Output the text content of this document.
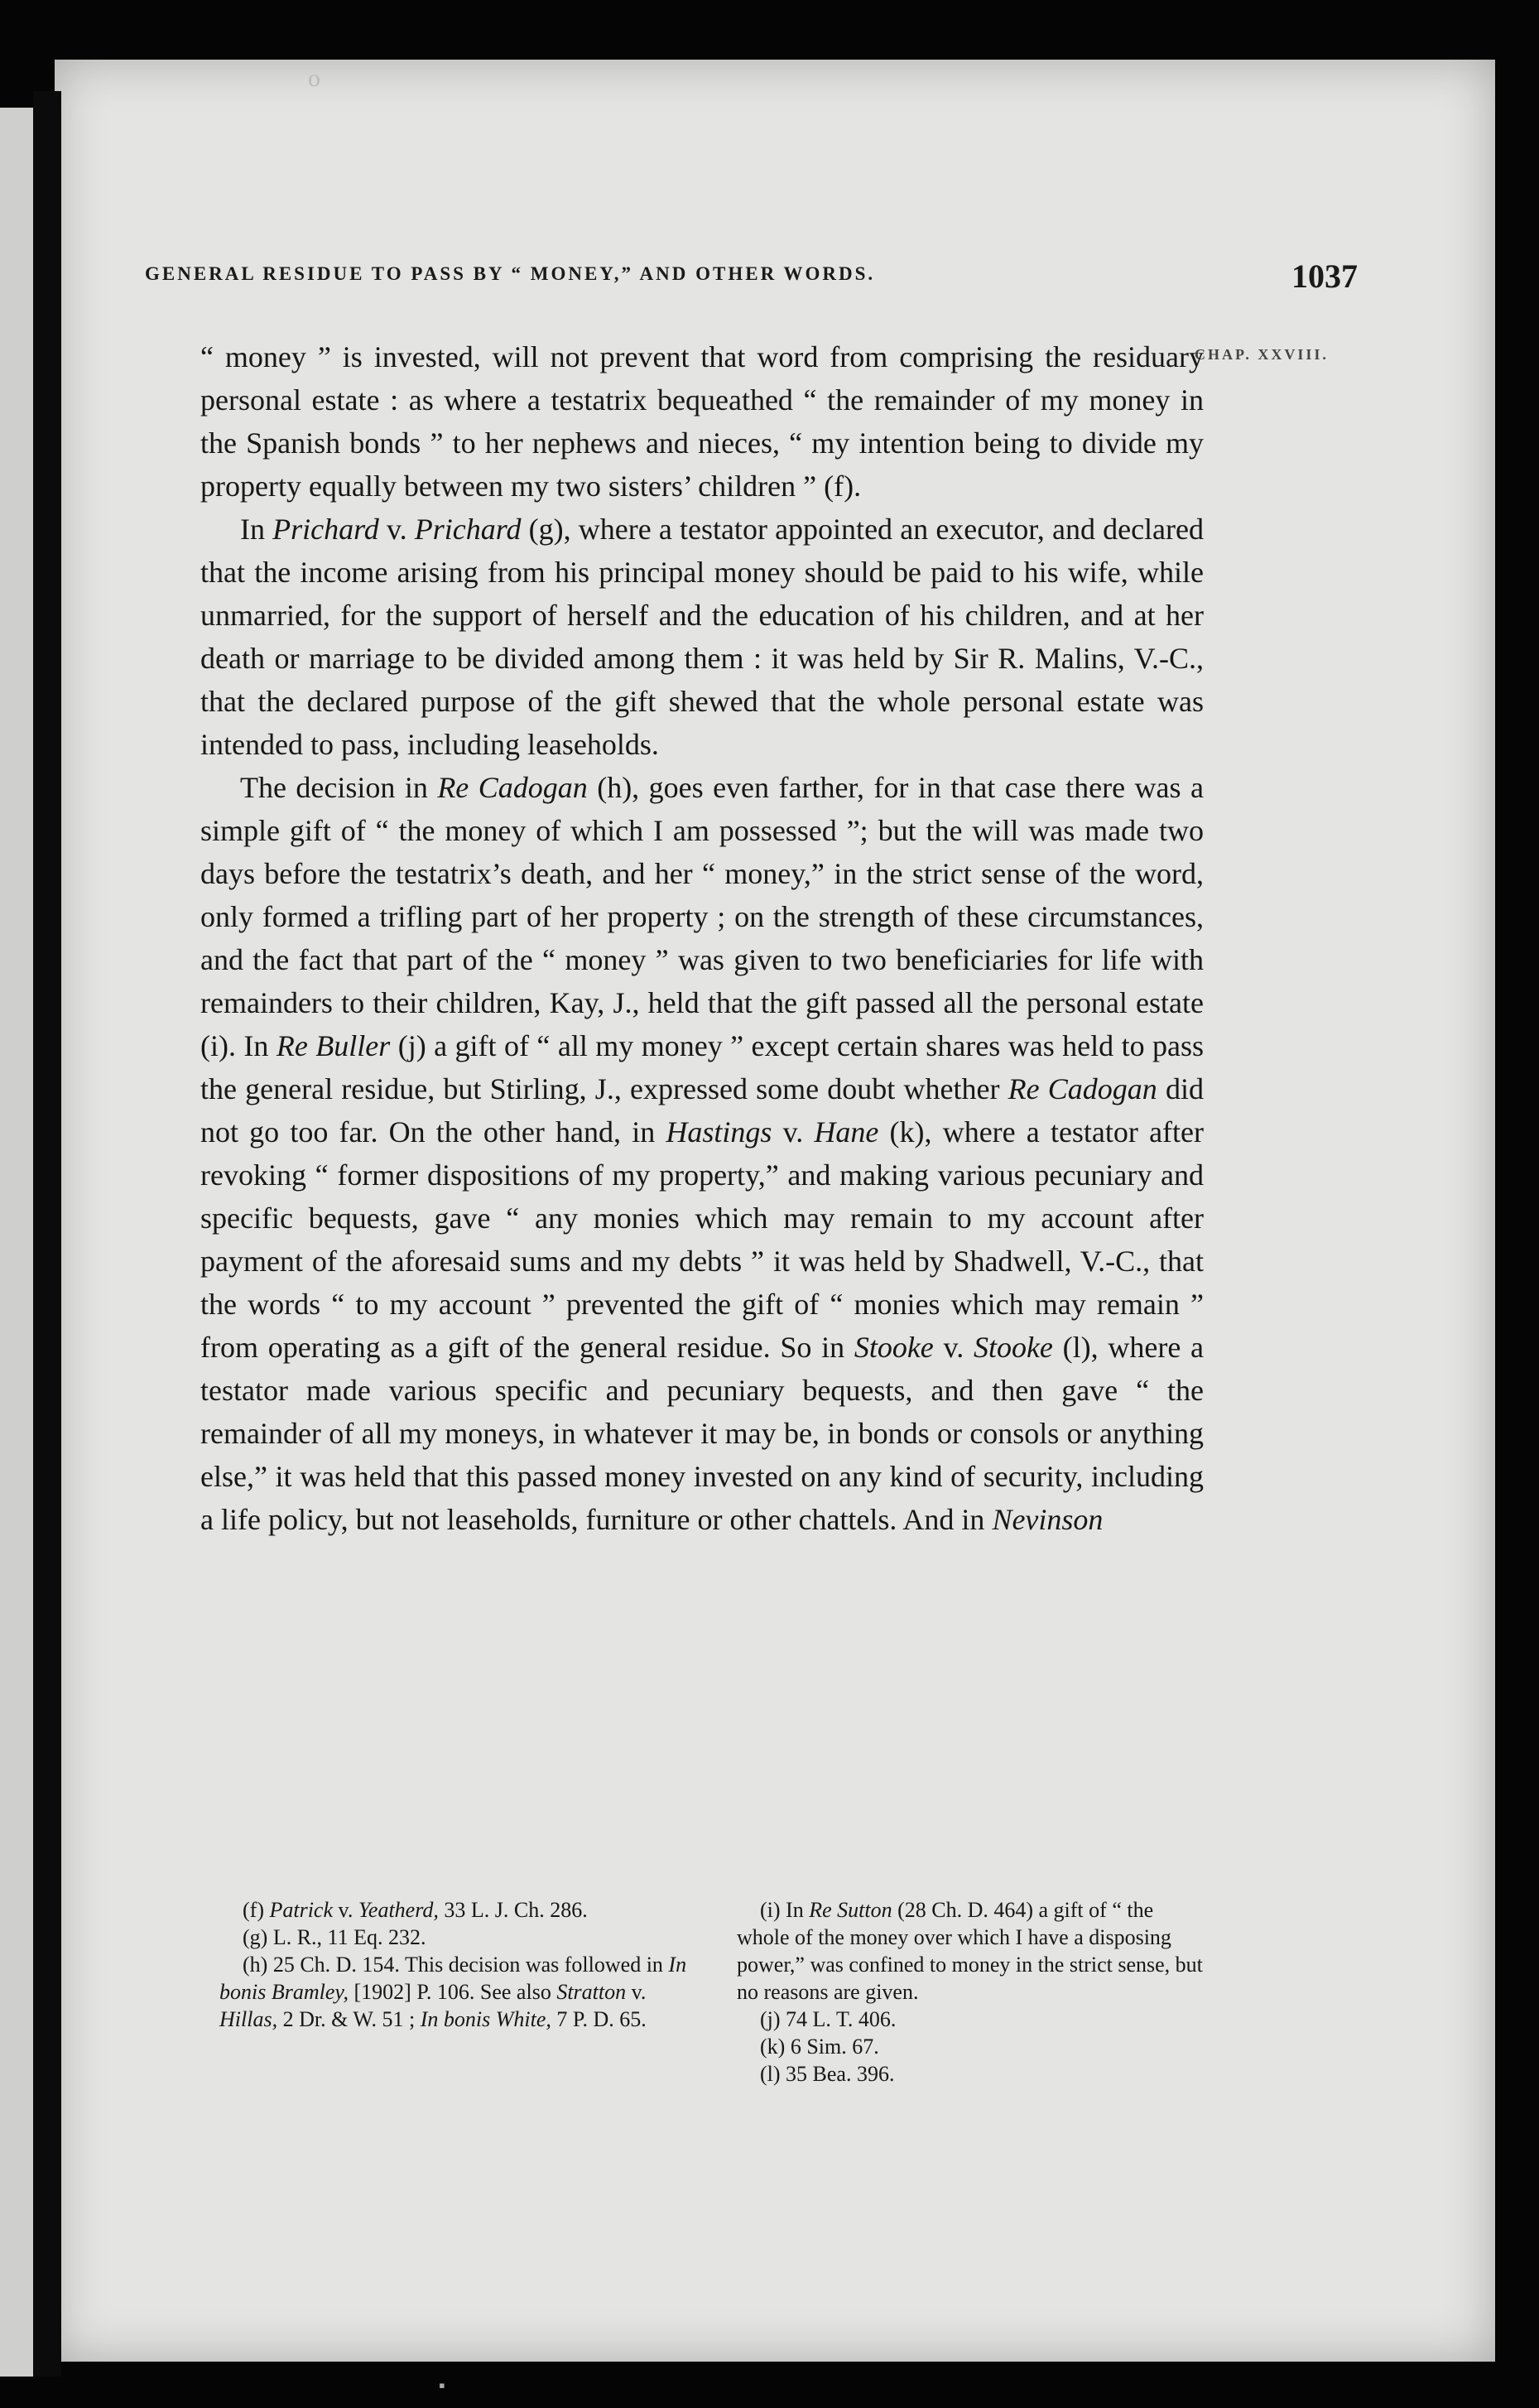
o
▪
GENERAL RESIDUE TO PASS BY “ MONEY,” AND OTHER WORDS.	1037
CHAP. XXVIII.

“ money ” is invested, will not prevent that word from comprising the residuary personal estate : as where a testatrix bequeathed “ the remainder of my money in the Spanish bonds ” to her nephews and nieces, “ my intention being to divide my property equally between my two sisters’ children ” (f).

In Prichard v. Prichard (g), where a testator appointed an executor, and declared that the income arising from his principal money should be paid to his wife, while unmarried, for the support of herself and the education of his children, and at her death or marriage to be divided among them : it was held by Sir R. Malins, V.-C., that the declared purpose of the gift shewed that the whole personal estate was intended to pass, including leaseholds.

The decision in Re Cadogan (h), goes even farther, for in that case there was a simple gift of “ the money of which I am possessed ”; but the will was made two days before the testatrix’s death, and her “ money,” in the strict sense of the word, only formed a trifling part of her property ; on the strength of these circumstances, and the fact that part of the “ money ” was given to two beneficiaries for life with remainders to their children, Kay, J., held that the gift passed all the personal estate (i). In Re Buller (j) a gift of “ all my money ” except certain shares was held to pass the general residue, but Stirling, J., expressed some doubt whether Re Cadogan did not go too far. On the other hand, in Hastings v. Hane (k), where a testator after revoking “ former dispositions of my property,” and making various pecuniary and specific bequests, gave “ any monies which may remain to my account after payment of the aforesaid sums and my debts ” it was held by Shadwell, V.-C., that the words “ to my account ” prevented the gift of “ monies which may remain ” from operating as a gift of the general residue. So in Stooke v. Stooke (l), where a testator made various specific and pecuniary bequests, and then gave “ the remainder of all my moneys, in whatever it may be, in bonds or consols or anything else,” it was held that this passed money invested on any kind of security, including a life policy, but not leaseholds, furniture or other chattels. And in Nevinson

(f) Patrick v. Yeatherd, 33 L. J. Ch. 286.

(g) L. R., 11 Eq. 232.

(h) 25 Ch. D. 154. This decision was followed in In bonis Bramley, [1902] P. 106. See also Stratton v. Hillas, 2 Dr. & W. 51 ; In bonis White, 7 P. D. 65.

(i) In Re Sutton (28 Ch. D. 464) a gift of “ the whole of the money over which I have a disposing power,” was confined to money in the strict sense, but no reasons are given.

(j) 74 L. T. 406.

(k) 6 Sim. 67.

(l) 35 Bea. 396.
